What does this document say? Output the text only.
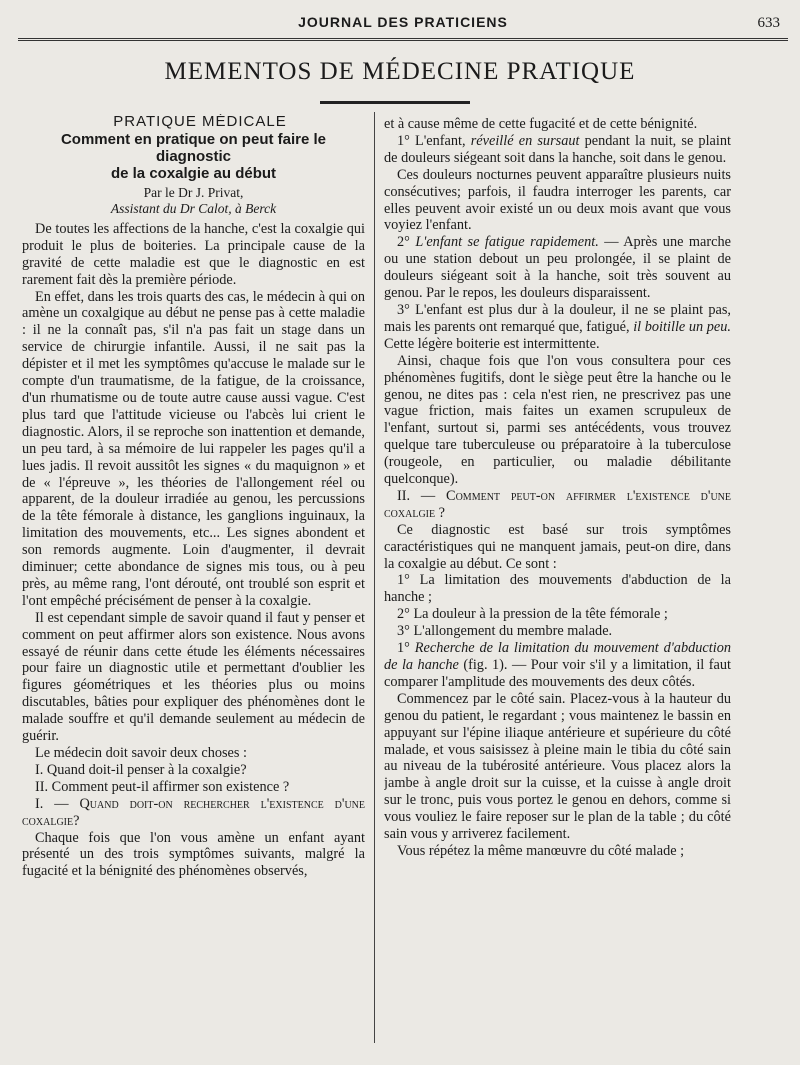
JOURNAL DES PRATICIENS	633
MEMENTOS DE MÉDECINE PRATIQUE

PRATIQUE MÉDICALE

Comment en pratique on peut faire le diagnostic
de la coxalgie au début
Par le Dr J. Privat,
Assistant du Dr Calot, à Berck

De toutes les affections de la hanche, c'est la coxalgie qui produit le plus de boiteries. La principale cause de la gravité de cette maladie est que le diagnostic en est rarement fait dès la première période.

En effet, dans les trois quarts des cas, le médecin à qui on amène un coxalgique au début ne pense pas à cette maladie : il ne la connaît pas, s'il n'a pas fait un stage dans un service de chirurgie infantile. Aussi, il ne sait pas la dépister et il met les symptômes qu'accuse le malade sur le compte d'un traumatisme, de la fatigue, de la croissance, d'un rhumatisme ou de toute autre cause aussi vague. C'est plus tard que l'attitude vicieuse ou l'abcès lui crient le diagnostic. Alors, il se reproche son inattention et demande, un peu tard, à sa mémoire de lui rappeler les pages qu'il a lues jadis. Il revoit aussitôt les signes « du maquignon » et de « l'épreuve », les théories de l'allongement réel ou apparent, de la douleur irradiée au genou, les percussions de la tête fémorale à distance, les ganglions inguinaux, la limitation des mouvements, etc... Les signes abondent et son remords augmente. Loin d'augmenter, il devrait diminuer; cette abondance de signes mis tous, ou à peu près, au même rang, l'ont dérouté, ont troublé son esprit et l'ont empêché précisément de penser à la coxalgie.

Il est cependant simple de savoir quand il faut y penser et comment on peut affirmer alors son existence. Nous avons essayé de réunir dans cette étude les éléments nécessaires pour faire un diagnostic utile et permettant d'oublier les figures géométriques et les théories plus ou moins discutables, bâties pour expliquer des phénomènes dont le malade souffre et qu'il demande seulement au médecin de guérir.

Le médecin doit savoir deux choses :

I. Quand doit-il penser à la coxalgie?

II. Comment peut-il affirmer son existence ?

I. — Quand doit-on rechercher l'existence d'une coxalgie?

Chaque fois que l'on vous amène un enfant ayant présenté un des trois symptômes suivants, malgré la fugacité et la bénignité des phénomènes observés,

et à cause même de cette fugacité et de cette bénignité.

1° L'enfant, réveillé en sursaut pendant la nuit, se plaint de douleurs siégeant soit dans la hanche, soit dans le genou.

Ces douleurs nocturnes peuvent apparaître plusieurs nuits consécutives; parfois, il faudra interroger les parents, car elles peuvent avoir existé un ou deux mois avant que vous voyiez l'enfant.

2° L'enfant se fatigue rapidement. — Après une marche ou une station debout un peu prolongée, il se plaint de douleurs siégeant soit à la hanche, soit très souvent au genou. Par le repos, les douleurs disparaissent.

3° L'enfant est plus dur à la douleur, il ne se plaint pas, mais les parents ont remarqué que, fatigué, il boitille un peu. Cette légère boiterie est intermittente.

Ainsi, chaque fois que l'on vous consultera pour ces phénomènes fugitifs, dont le siège peut être la hanche ou le genou, ne dites pas : cela n'est rien, ne prescrivez pas une vague friction, mais faites un examen scrupuleux de l'enfant, surtout si, parmi ses antécédents, vous trouvez quelque tare tuberculeuse ou préparatoire à la tuberculose (rougeole, en particulier, ou maladie débilitante quelconque).

II. — Comment peut-on affirmer l'existence d'une coxalgie ?

Ce diagnostic est basé sur trois symptômes caractéristiques qui ne manquent jamais, peut-on dire, dans la coxalgie au début. Ce sont :

1° La limitation des mouvements d'abduction de la hanche ;

2° La douleur à la pression de la tête fémorale ;

3° L'allongement du membre malade.

1° Recherche de la limitation du mouvement d'abduction de la hanche (fig. 1). — Pour voir s'il y a limitation, il faut comparer l'amplitude des mouvements des deux côtés.

Commencez par le côté sain. Placez-vous à la hauteur du genou du patient, le regardant ; vous maintenez le bassin en appuyant sur l'épine iliaque antérieure et supérieure du côté malade, et vous saisissez à pleine main le tibia du côté sain au niveau de la tubérosité antérieure. Vous placez alors la jambe à angle droit sur la cuisse, et la cuisse à angle droit sur le tronc, puis vous portez le genou en dehors, comme si vous vouliez le faire reposer sur le plan de la table ; du côté sain vous y arriverez facilement.

Vous répétez la même manœuvre du côté malade ;
